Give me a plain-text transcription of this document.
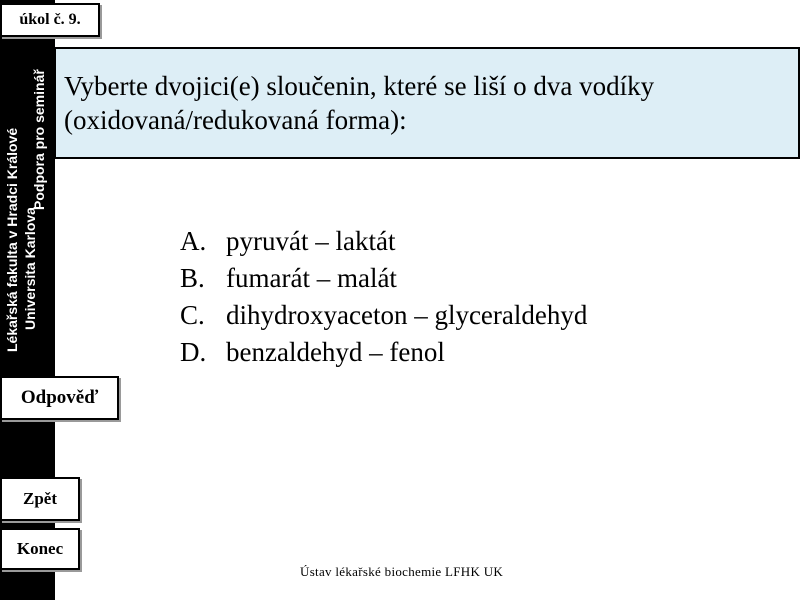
Lékařská fakulta v Hradci Králové Universita Karlova
Podpora pro seminář
úkol č. 9.
Vyberte dvojici(e) sloučenin, které se liší o dva vodíky
(oxidovaná/redukovaná forma):
A. pyruvát – laktát
B. fumarát – malát
C. dihydroxyaceton – glyceraldehyd
D. benzaldehyd – fenol
Odpověď
Zpět
Konec
Ústav lékařské biochemie LFHK UK
